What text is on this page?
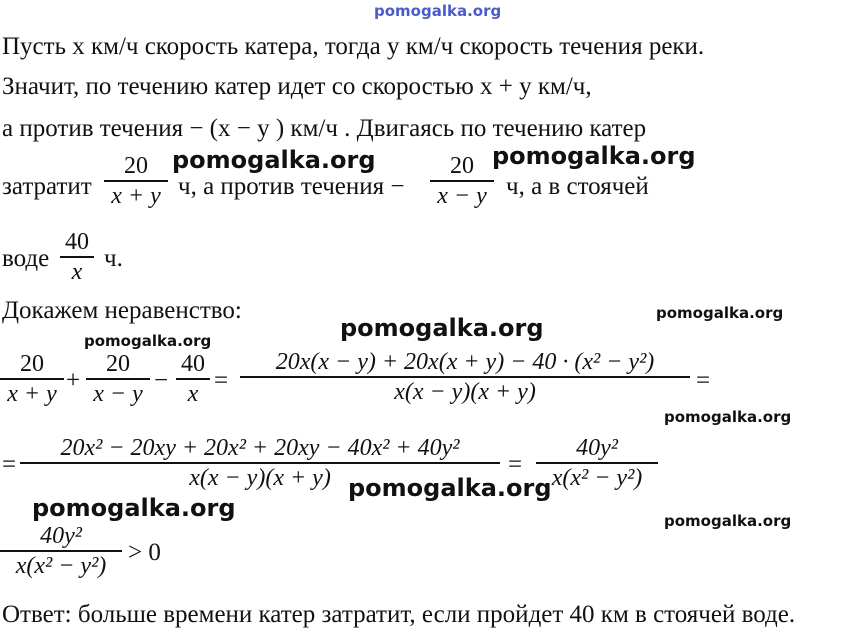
pomogalka.org
Пусть x км/ч скорость катера, тогда y км/ч скорость течения реки.
Значит, по течению катер идет со скоростью x + y км/ч,
а против течения − (x − y ) км/ч . Двигаясь по течению катер
затратит
20
x + y ч, а против течения −
20
x − y ч, а в стоячей
воде
40
x ч.
Докажем неравенство:
20
x + y +
20
x − y −
40
x =
20x(x − y) + 20x(x + y) − 40 · (x² − y²)
x(x − y)(x + y)	=
=
20x² − 20xy + 20x² + 20xy − 40x² + 40y²
x(x − y)(x + y)	=
40y²
x(x² − y²)
40y²
x(x² − y²) > 0
Ответ: больше времени катер затратит, если пройдет 40 км в стоячей воде.
pomogalka.org	pomogalka.org
pomogalka.org
pomogalka.org
pomogalka.org
pomogalka.org
pomogalka.org
pomogalka.org	pomogalka.org
